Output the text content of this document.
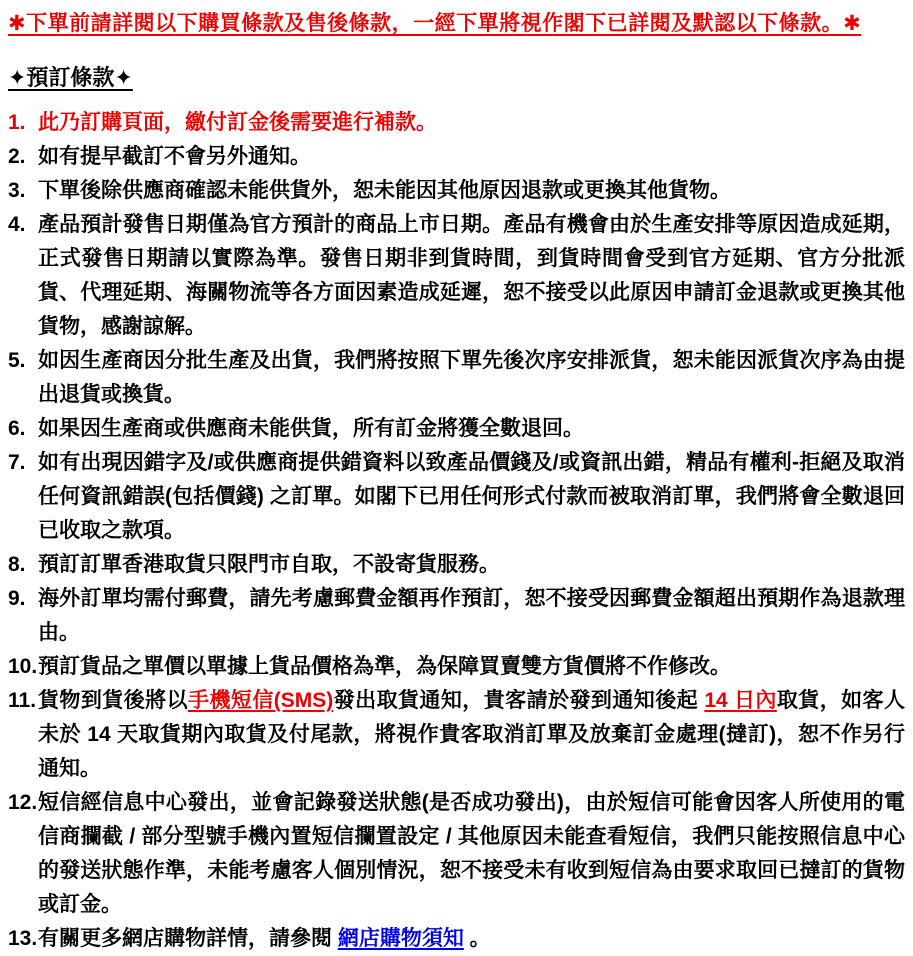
✱下單前請詳閱以下購買條款及售後條款，一經下單將視作閣下已詳閱及默認以下條款。✱

✦預訂條款✦
1. 此乃訂購頁面，繳付訂金後需要進行補款。
2. 如有提早截訂不會另外通知。
3. 下單後除供應商確認未能供貨外，恕未能因其他原因退款或更換其他貨物。
4. 產品預計發售日期僅為官方預計的商品上市日期。產品有機會由於生產安排等原因造成延期，正式發售日期請以實際為準。發售日期非到貨時間，到貨時間會受到官方延期、官方分批派貨、代理延期、海關物流等各方面因素造成延遲，恕不接受以此原因申請訂金退款或更換其他貨物，感謝諒解。
5. 如因生產商因分批生產及出貨，我們將按照下單先後次序安排派貨，恕未能因派貨次序為由提出退貨或換貨。
6. 如果因生產商或供應商未能供貨，所有訂金將獲全數退回。
7. 如有出現因錯字及/或供應商提供錯資料以致產品價錢及/或資訊出錯，精品有權利-拒絕及取消任何資訊錯誤(包括價錢) 之訂單。如閣下已用任何形式付款而被取消訂單，我們將會全數退回已收取之款項。
8. 預訂訂單香港取貨只限門市自取，不設寄貨服務。
9. 海外訂單均需付郵費，請先考慮郵費金額再作預訂，恕不接受因郵費金額超出預期作為退款理由。
10. 預訂貨品之單價以單據上貨品價格為準，為保障買賣雙方貨價將不作修改。
11. 貨物到貨後將以手機短信(SMS)發出取貨通知，貴客請於發到通知後起 14 日內取貨，如客人未於 14 天取貨期內取貨及付尾款，將視作貴客取消訂單及放棄訂金處理(撻訂)，恕不作另行通知。
12. 短信經信息中心發出，並會記錄發送狀態(是否成功發出)，由於短信可能會因客人所使用的電信商攔截 / 部分型號手機內置短信攔置設定 / 其他原因未能查看短信，我們只能按照信息中心的發送狀態作準，未能考慮客人個別情況，恕不接受未有收到短信為由要求取回已撻訂的貨物或訂金。
13. 有關更多網店購物詳情，請參閱 網店購物須知 。
